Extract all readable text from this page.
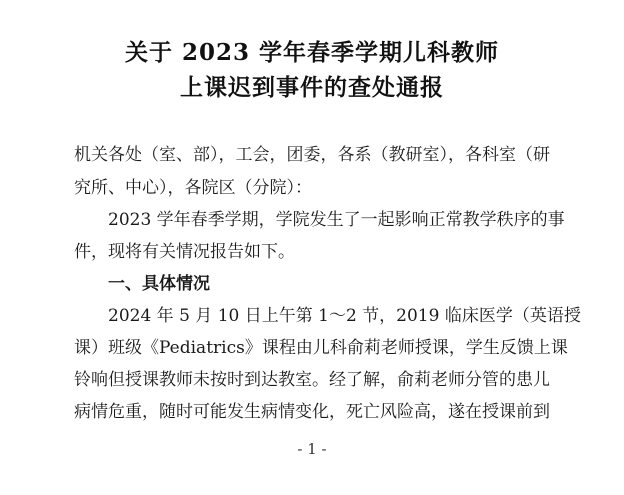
关于 2023 学年春季学期儿科教师
上课迟到事件的查处通报
机关各处（室、部），工会，团委，各系（教研室），各科室（研
究所、中心），各院区（分院）：
2023 学年春季学期，学院发生了一起影响正常教学秩序的事
件，现将有关情况报告如下。
一、具体情况
2024 年 5 月 10 日上午第 1～2 节，2019 临床医学（英语授
课）班级《Pediatrics》课程由儿科俞莉老师授课，学生反馈上课
铃响但授课教师未按时到达教室。经了解，俞莉老师分管的患儿
病情危重，随时可能发生病情变化，死亡风险高，遂在授课前到
- 1 -
